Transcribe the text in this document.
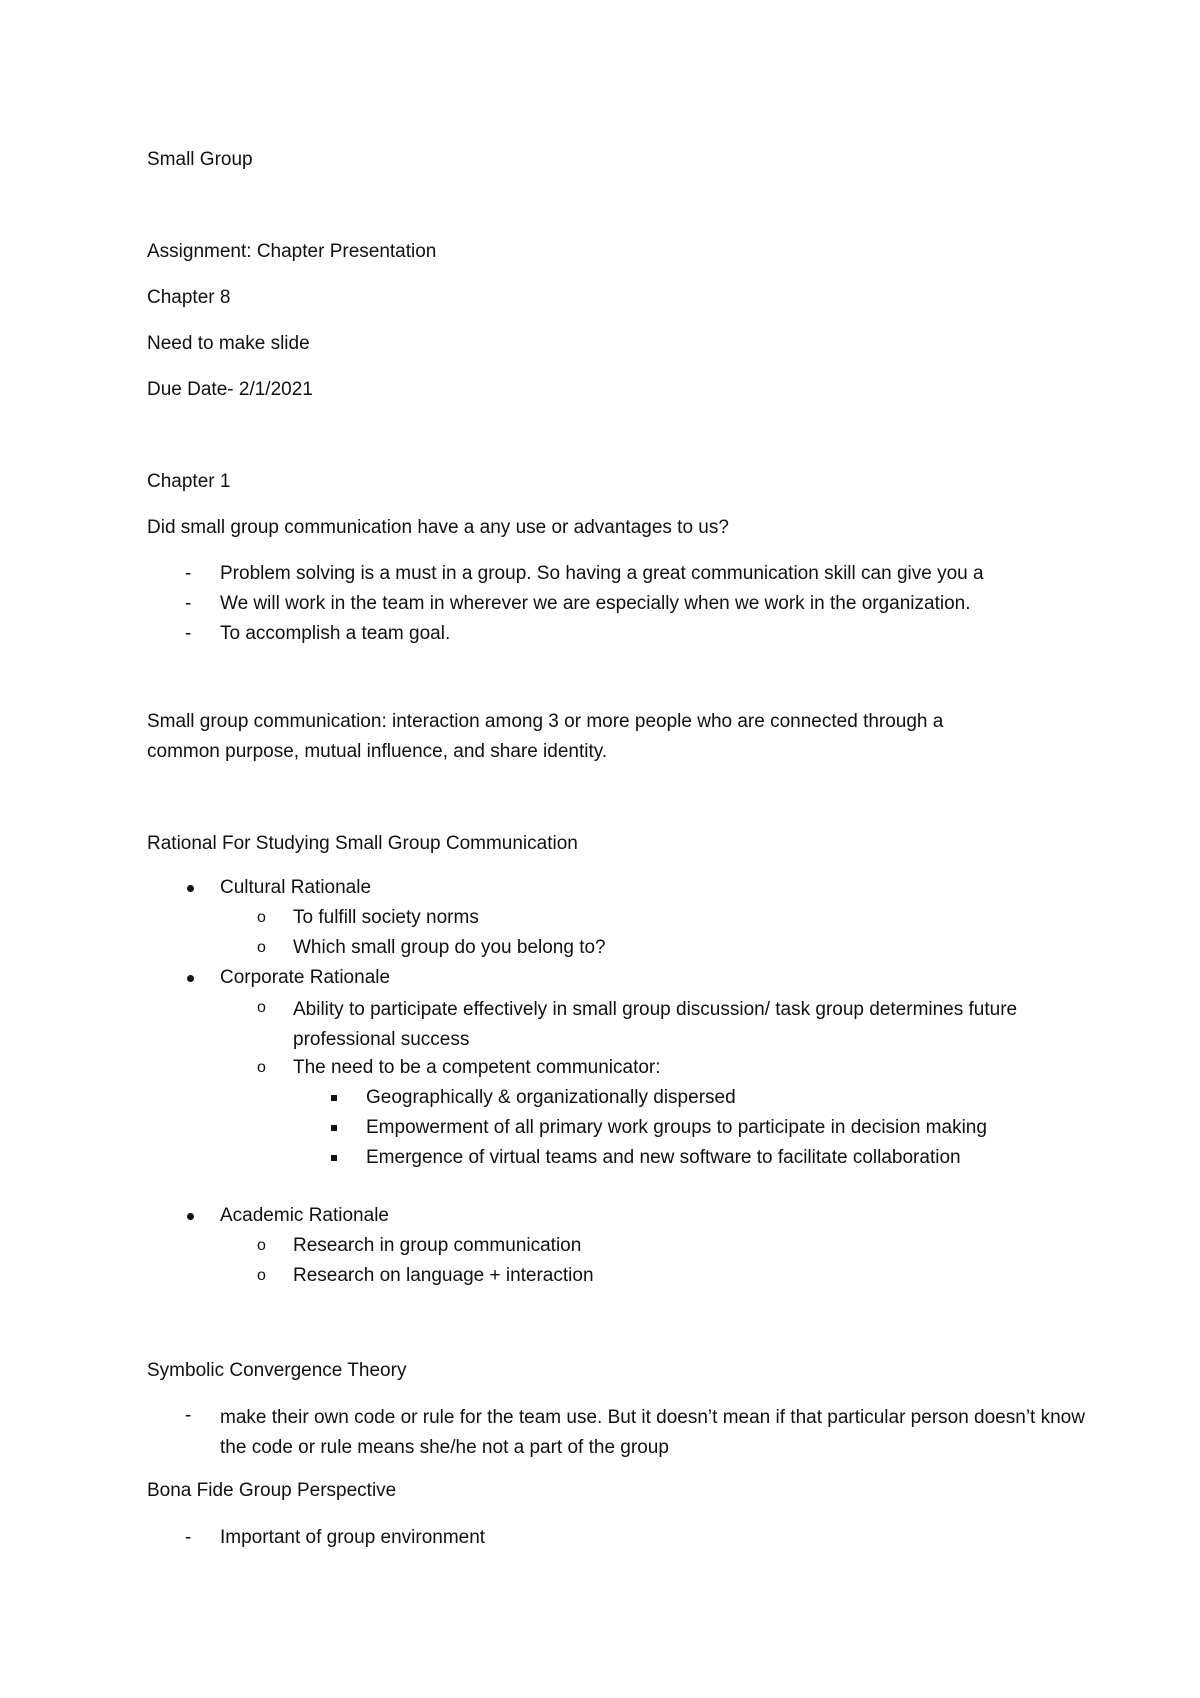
Small Group
Assignment: Chapter Presentation
Chapter 8
Need to make slide
Due Date- 2/1/2021
Chapter 1
Did small group communication have a any use or advantages to us?
-	Problem solving is a must in a group. So having a great communication skill can give you a
-	We will work in the team in wherever we are especially when we work in the organization.
-	To accomplish a team goal.
Small group communication: interaction among 3 or more people who are connected through a
common purpose, mutual influence, and share identity.
Rational For Studying Small Group Communication
Cultural Rationale
o To fulfill society norms
o Which small group do you belong to?
Corporate Rationale
o Ability to participate effectively in small group discussion/ task group determines future professional success
o The need to be a competent communicator:
Geographically & organizationally dispersed
Empowerment of all primary work groups to participate in decision making
Emergence of virtual teams and new software to facilitate collaboration
Academic Rationale
o Research in group communication
o Research on language + interaction
Symbolic Convergence Theory
-	make their own code or rule for the team use. But it doesn’t mean if that particular person doesn’t know the code or rule means she/he not a part of the group
Bona Fide Group Perspective
-	Important of group environment
